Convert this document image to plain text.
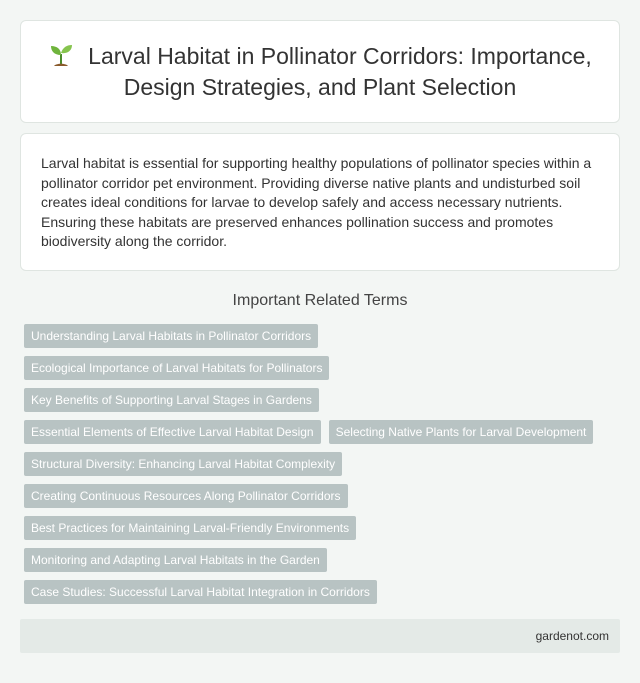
Larval Habitat in Pollinator Corridors: Importance, Design Strategies, and Plant Selection

Larval habitat is essential for supporting healthy populations of pollinator species within a pollinator corridor pet environment. Providing diverse native plants and undisturbed soil creates ideal conditions for larvae to develop safely and access necessary nutrients. Ensuring these habitats are preserved enhances pollination success and promotes biodiversity along the corridor.

Important Related Terms
Understanding Larval Habitats in Pollinator Corridors
Ecological Importance of Larval Habitats for Pollinators
Key Benefits of Supporting Larval Stages in Gardens
Essential Elements of Effective Larval Habitat Design	Selecting Native Plants for Larval Development
Structural Diversity: Enhancing Larval Habitat Complexity
Creating Continuous Resources Along Pollinator Corridors
Best Practices for Maintaining Larval-Friendly Environments
Monitoring and Adapting Larval Habitats in the Garden
Case Studies: Successful Larval Habitat Integration in Corridors
gardenot.com
